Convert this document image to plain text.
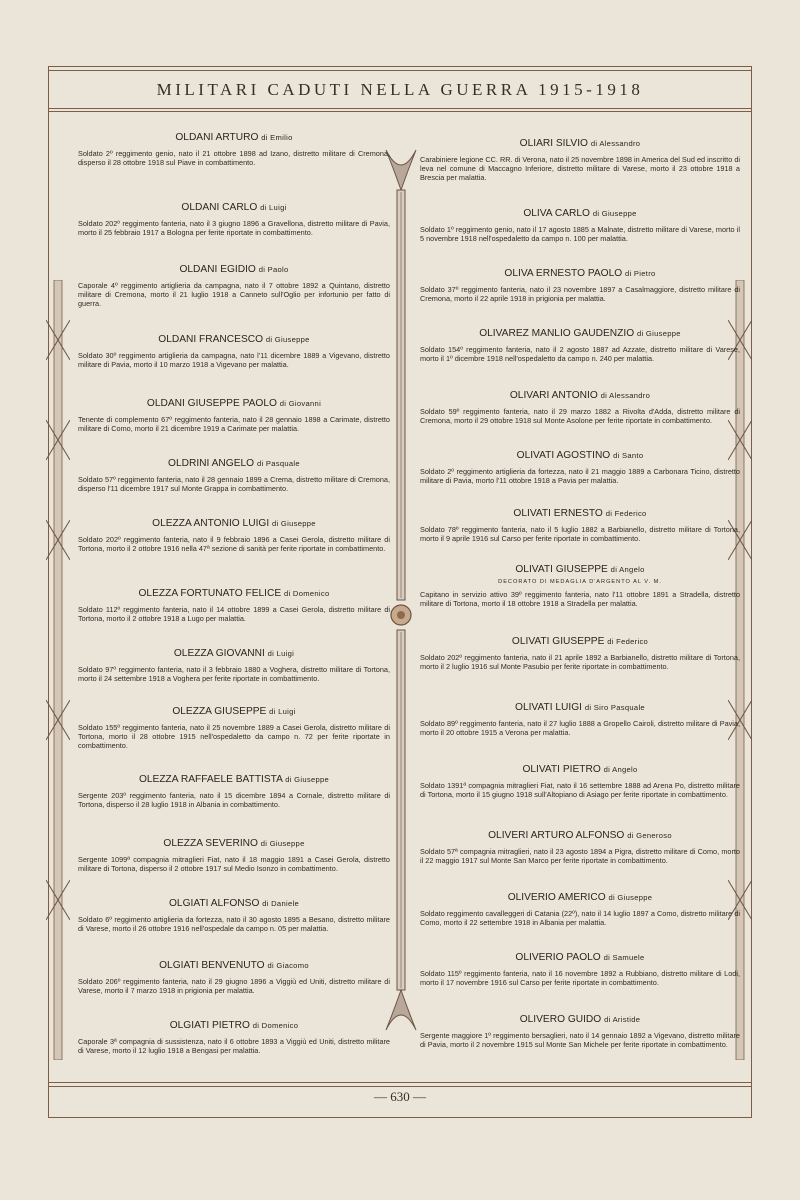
MILITARI CADUTI NELLA GUERRA 1915-1918

OLDANI ARTURO di Emilio

Soldato 2º reggimento genio, nato il 21 ottobre 1898 ad Izano, distretto militare di Cremona, disperso il 28 ottobre 1918 sul Piave in combattimento.

OLDANI CARLO di Luigi

Soldato 202º reggimento fanteria, nato il 3 giugno 1896 a Gravellona, distretto militare di Pavia, morto il 25 febbraio 1917 a Bologna per ferite riportate in combattimento.

OLDANI EGIDIO di Paolo

Caporale 4º reggimento artiglieria da campagna, nato il 7 ottobre 1892 a Quintano, distretto militare di Cremona, morto il 21 luglio 1918 a Canneto sull'Oglio per infortunio per fatto di guerra.

OLDANI FRANCESCO di Giuseppe

Soldato 30º reggimento artiglieria da campagna, nato l'11 dicembre 1889 a Vigevano, distretto militare di Pavia, morto il 10 marzo 1918 a Vigevano per malattia.

OLDANI GIUSEPPE PAOLO di Giovanni

Tenente di complemento 67º reggimento fanteria, nato il 28 gennaio 1898 a Carimate, distretto militare di Como, morto il 21 dicembre 1919 a Carimate per malattia.

OLDRINI ANGELO di Pasquale

Soldato 57º reggimento fanteria, nato il 28 gennaio 1899 a Crema, distretto militare di Cremona, disperso l'11 dicembre 1917 sul Monte Grappa in combattimento.

OLEZZA ANTONIO LUIGI di Giuseppe

Soldato 202º reggimento fanteria, nato il 9 febbraio 1896 a Casei Gerola, distretto militare di Tortona, morto il 2 ottobre 1916 nella 47ª sezione di sanità per ferite riportate in combattimento.

OLEZZA FORTUNATO FELICE di Domenico

Soldato 112º reggimento fanteria, nato il 14 ottobre 1899 a Casei Gerola, distretto militare di Tortona, morto il 2 ottobre 1918 a Lugo per malattia.

OLEZZA GIOVANNI di Luigi

Soldato 97º reggimento fanteria, nato il 3 febbraio 1880 a Voghera, distretto militare di Tortona, morto il 24 settembre 1918 a Voghera per ferite riportate in combattimento.

OLEZZA GIUSEPPE di Luigi

Soldato 155º reggimento fanteria, nato il 25 novembre 1889 a Casei Gerola, distretto militare di Tortona, morto il 28 ottobre 1915 nell'ospedaletto da campo n. 72 per ferite riportate in combattimento.

OLEZZA RAFFAELE BATTISTA di Giuseppe

Sergente 203º reggimento fanteria, nato il 15 dicembre 1894 a Cornale, distretto militare di Tortona, disperso il 28 luglio 1918 in Albania in combattimento.

OLEZZA SEVERINO di Giuseppe

Sergente 1099ª compagnia mitraglieri Fiat, nato il 18 maggio 1891 a Casei Gerola, distretto militare di Tortona, disperso il 2 ottobre 1917 sul Medio Isonzo in combattimento.

OLGIATI ALFONSO di Daniele

Soldato 6º reggimento artiglieria da fortezza, nato il 30 agosto 1895 a Besano, distretto militare di Varese, morto il 26 ottobre 1916 nell'ospedale da campo n. 05 per malattia.

OLGIATI BENVENUTO di Giacomo

Soldato 206º reggimento fanteria, nato il 29 giugno 1896 a Viggiù ed Uniti, distretto militare di Varese, morto il 7 marzo 1918 in prigionia per malattia.

OLGIATI PIETRO di Domenico

Caporale 3ª compagnia di sussistenza, nato il 6 ottobre 1893 a Viggiù ed Uniti, distretto militare di Varese, morto il 12 luglio 1918 a Bengasi per malattia.

OLIARI SILVIO di Alessandro

Carabiniere legione CC. RR. di Verona, nato il 25 novembre 1898 in America del Sud ed inscritto di leva nel comune di Maccagno Inferiore, distretto militare di Varese, morto il 23 ottobre 1918 a Brescia per malattia.

OLIVA CARLO di Giuseppe

Soldato 1º reggimento genio, nato il 17 agosto 1885 a Malnate, distretto militare di Varese, morto il 5 novembre 1918 nell'ospedaletto da campo n. 100 per malattia.

OLIVA ERNESTO PAOLO di Pietro

Soldato 37º reggimento fanteria, nato il 23 novembre 1897 a Casalmaggiore, distretto militare di Cremona, morto il 22 aprile 1918 in prigionia per malattia.

OLIVAREZ MANLIO GAUDENZIO di Giuseppe

Soldato 154º reggimento fanteria, nato il 2 agosto 1887 ad Azzate, distretto militare di Varese, morto il 1º dicembre 1918 nell'ospedaletto da campo n. 240 per malattia.

OLIVARI ANTONIO di Alessandro

Soldato 59º reggimento fanteria, nato il 29 marzo 1882 a Rivolta d'Adda, distretto militare di Cremona, morto il 29 ottobre 1918 sul Monte Asolone per ferite riportate in combattimento.

OLIVATI AGOSTINO di Santo

Soldato 2º reggimento artiglieria da fortezza, nato il 21 maggio 1889 a Carbonara Ticino, distretto militare di Pavia, morto l'11 ottobre 1918 a Pavia per malattia.

OLIVATI ERNESTO di Federico

Soldato 78º reggimento fanteria, nato il 5 luglio 1882 a Barbianello, distretto militare di Tortona, morto il 9 aprile 1916 sul Carso per ferite riportate in combattimento.

OLIVATI GIUSEPPE di Angelo

DECORATO DI MEDAGLIA D'ARGENTO AL V. M.

Capitano in servizio attivo 39º reggimento fanteria, nato l'11 ottobre 1891 a Stradella, distretto militare di Tortona, morto il 18 ottobre 1918 a Stradella per malattia.

OLIVATI GIUSEPPE di Federico

Soldato 202º reggimento fanteria, nato il 21 aprile 1892 a Barbianello, distretto militare di Tortona, morto il 2 luglio 1916 sul Monte Pasubio per ferite riportate in combattimento.

OLIVATI LUIGI di Siro Pasquale

Soldato 89º reggimento fanteria, nato il 27 luglio 1888 a Gropello Cairoli, distretto militare di Pavia, morto il 20 ottobre 1915 a Verona per malattia.

OLIVATI PIETRO di Angelo

Soldato 1391ª compagnia mitraglieri Fiat, nato il 16 settembre 1888 ad Arena Po, distretto militare di Tortona, morto il 15 giugno 1918 sull'Altopiano di Asiago per ferite riportate in combattimento.

OLIVERI ARTURO ALFONSO di Generoso

Soldato 57ª compagnia mitraglieri, nato il 23 agosto 1894 a Pigra, distretto militare di Como, morto il 22 maggio 1917 sul Monte San Marco per ferite riportate in combattimento.

OLIVERIO AMERICO di Giuseppe

Soldato reggimento cavalleggeri di Catania (22º), nato il 14 luglio 1897 a Como, distretto militare di Como, morto il 22 settembre 1918 in Albania per malattia.

OLIVERIO PAOLO di Samuele

Soldato 115º reggimento fanteria, nato il 16 novembre 1892 a Rubbiano, distretto militare di Lodi, morto il 17 novembre 1916 sul Carso per ferite riportate in combattimento.

OLIVERO GUIDO di Aristide

Sergente maggiore 1º reggimento bersaglieri, nato il 14 gennaio 1892 a Vigevano, distretto militare di Pavia, morto il 2 novembre 1915 sul Monte San Michele per ferite riportate in combattimento.

— 630 —
